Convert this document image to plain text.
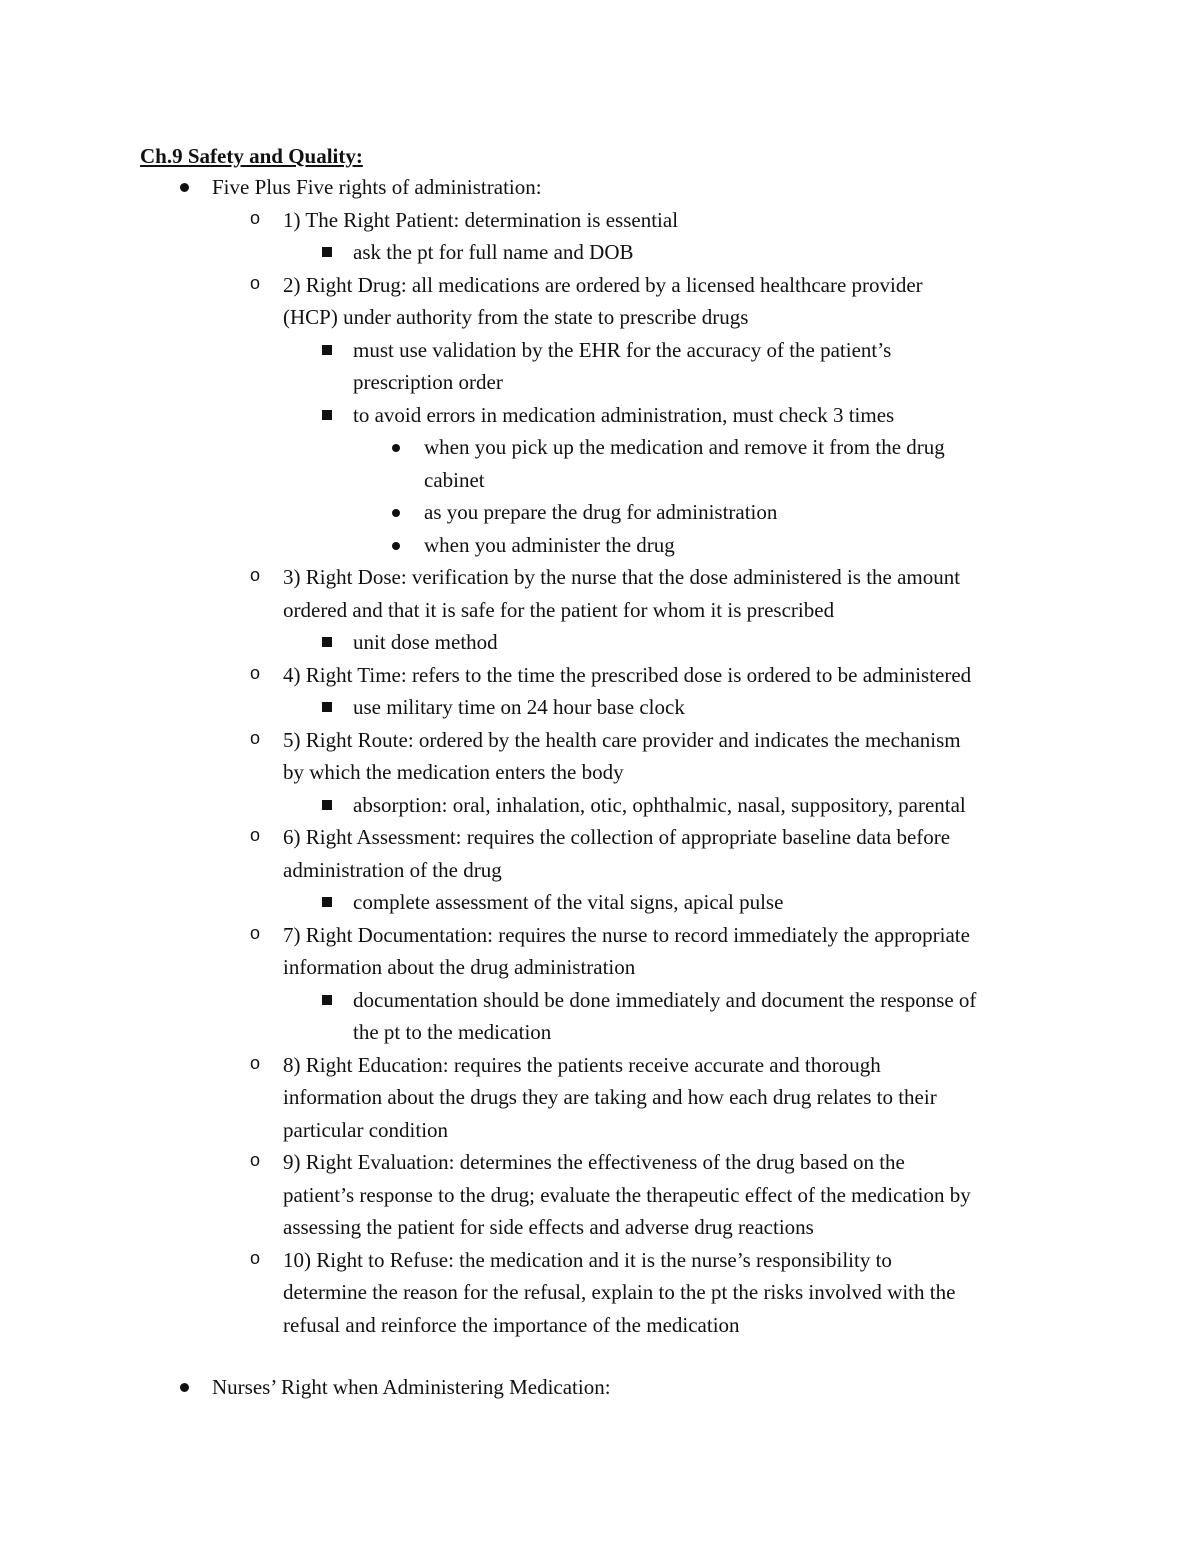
Ch.9 Safety and Quality:
Five Plus Five rights of administration:
o 1) The Right Patient: determination is essential
ask the pt for full name and DOB
o 2) Right Drug: all medications are ordered by a licensed healthcare provider
(HCP) under authority from the state to prescribe drugs
must use validation by the EHR for the accuracy of the patient’s
prescription order
to avoid errors in medication administration, must check 3 times
when you pick up the medication and remove it from the drug
cabinet
as you prepare the drug for administration
when you administer the drug
o 3) Right Dose: verification by the nurse that the dose administered is the amount
ordered and that it is safe for the patient for whom it is prescribed
unit dose method
o 4) Right Time: refers to the time the prescribed dose is ordered to be administered
use military time on 24 hour base clock
o 5) Right Route: ordered by the health care provider and indicates the mechanism
by which the medication enters the body
absorption: oral, inhalation, otic, ophthalmic, nasal, suppository, parental
o 6) Right Assessment: requires the collection of appropriate baseline data before
administration of the drug
complete assessment of the vital signs, apical pulse
o 7) Right Documentation: requires the nurse to record immediately the appropriate
information about the drug administration
documentation should be done immediately and document the response of
the pt to the medication
o 8) Right Education: requires the patients receive accurate and thorough
information about the drugs they are taking and how each drug relates to their
particular condition
o 9) Right Evaluation: determines the effectiveness of the drug based on the
patient’s response to the drug; evaluate the therapeutic effect of the medication by
assessing the patient for side effects and adverse drug reactions
o 10) Right to Refuse: the medication and it is the nurse’s responsibility to
determine the reason for the refusal, explain to the pt the risks involved with the
refusal and reinforce the importance of the medication
Nurses’ Right when Administering Medication:
